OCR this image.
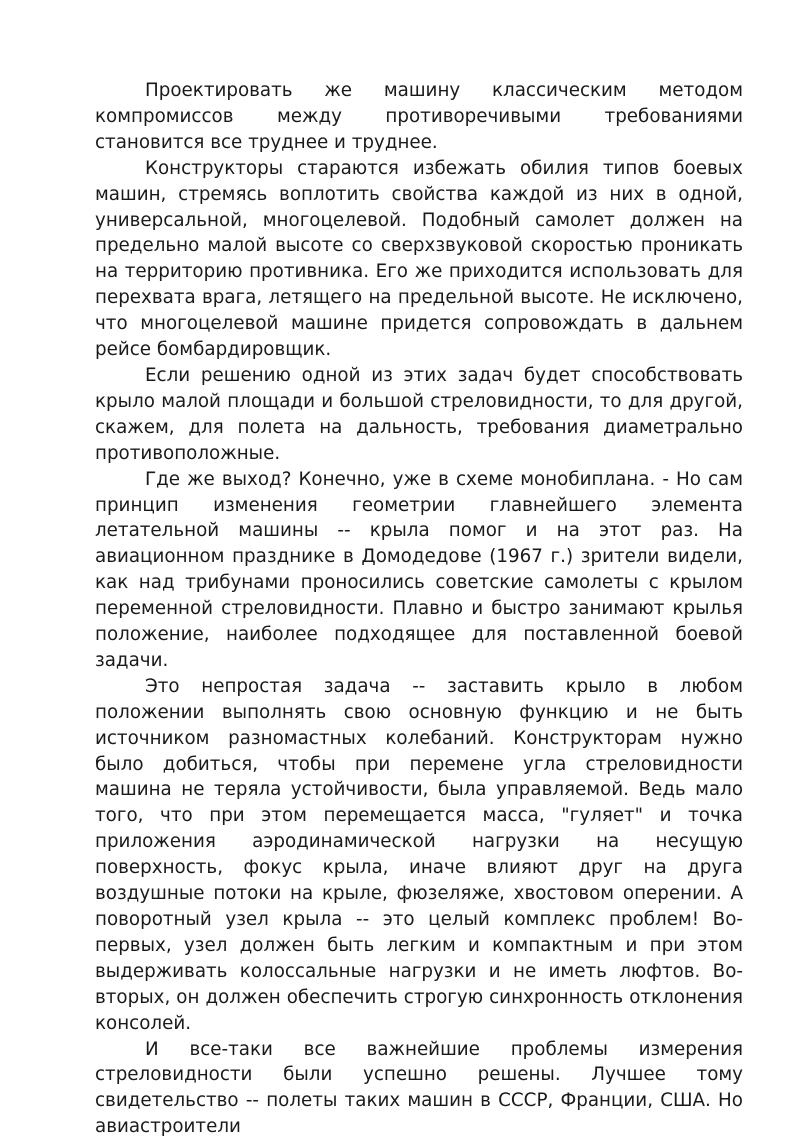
Проектировать же машину классическим методом компромиссов между противоречивыми требованиями становится все труднее и труднее.

Конструкторы стараются избежать обилия типов боевых машин, стремясь воплотить свойства каждой из них в одной, универсальной, многоцелевой. Подобный самолет должен на предельно малой высоте со сверхзвуковой скоростью проникать на территорию противника. Его же приходится использовать для перехвата врага, летящего на предельной высоте. Не исключено, что многоцелевой машине придется сопровождать в дальнем рейсе бомбардировщик.

Если решению одной из этих задач будет способствовать крыло малой площади и большой стреловидности, то для другой, скажем, для полета на дальность, требования диаметрально противоположные.

Где же выход? Конечно, уже в схеме монобиплана. - Но сам принцип изменения геометрии главнейшего элемента летательной машины -- крыла помог и на этот раз. На авиационном празднике в Домодедове (1967 г.) зрители видели, как над трибунами проносились советские самолеты с крылом переменной стреловидности. Плавно и быстро занимают крылья положение, наиболее подходящее для поставленной боевой задачи.

Это непростая задача -- заставить крыло в любом положении выполнять свою основную функцию и не быть источником разномастных колебаний. Конструкторам нужно было добиться, чтобы при перемене угла стреловидности машина не теряла устойчивости, была управляемой. Ведь мало того, что при этом перемещается масса, "гуляет" и точка приложения аэродинамической нагрузки на несущую поверхность, фокус крыла, иначе влияют друг на друга воздушные потоки на крыле, фюзеляже, хвостовом оперении. А поворотный узел крыла -- это целый комплекс проблем! Во-первых, узел должен быть легким и компактным и при этом выдерживать колоссальные нагрузки и не иметь люфтов. Во-вторых, он должен обеспечить строгую синхронность отклонения консолей.

И все-таки все важнейшие проблемы измерения стреловидности были успешно решены. Лучшее тому свидетельство -- полеты таких машин в СССР, Франции, США. Но авиастроители
